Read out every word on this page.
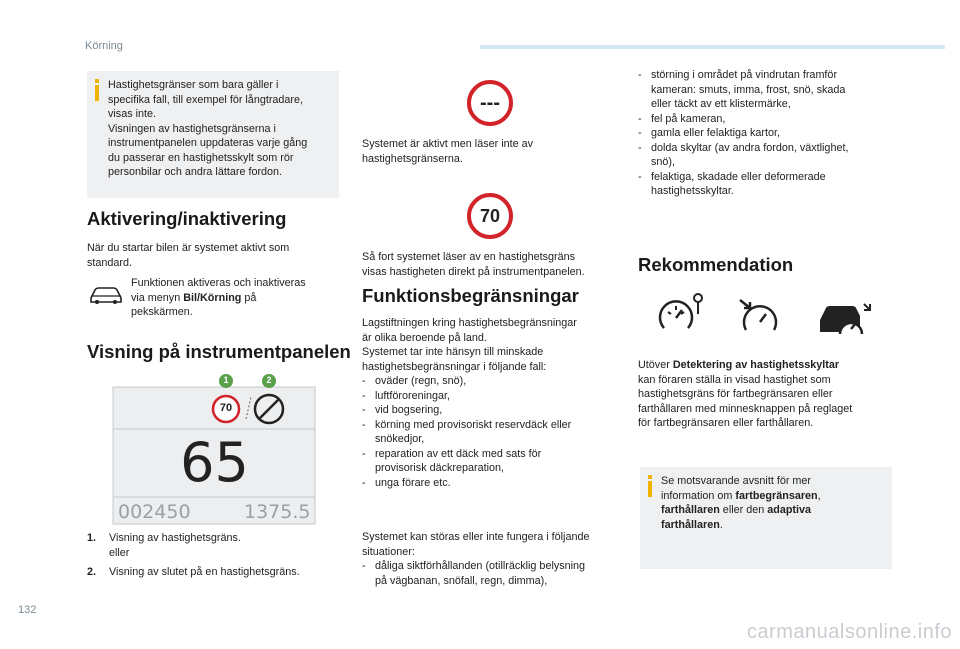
Körning
Hastighetsgränser som bara gäller i
specifika fall, till exempel för långtradare,
visas inte.
Visningen av hastighetsgränserna i
instrumentpanelen uppdateras varje gång
du passerar en hastighetsskylt som rör
personbilar och andra lättare fordon.
Aktivering/inaktivering
När du startar bilen är systemet aktivt som
standard.
Funktionen aktiveras och inaktiveras
via menyn Bil/Körning på
pekskärmen.
Visning på instrumentpanelen
1	2
70
65
002450	1375.5
1. Visning av hastighetsgräns.
eller
2. Visning av slutet på en hastighetsgräns.
---
Systemet är aktivt men läser inte av
hastighetsgränserna.
70
Så fort systemet läser av en hastighetsgräns
visas hastigheten direkt på instrumentpanelen.
Funktionsbegränsningar
Lagstiftningen kring hastighetsbegränsningar
är olika beroende på land.
Systemet tar inte hänsyn till minskade
hastighetsbegränsningar i följande fall:
- oväder (regn, snö),
- luftföroreningar,
- vid bogsering,
- körning med provisoriskt reservdäck eller
snökedjor,
- reparation av ett däck med sats för
provisorisk däckreparation,
- unga förare etc.
Systemet kan störas eller inte fungera i följande
situationer:
- dåliga siktförhållanden (otillräcklig belysning
på vägbanan, snöfall, regn, dimma),
- störning i området på vindrutan framför
kameran: smuts, imma, frost, snö, skada
eller täckt av ett klistermärke,
- fel på kameran,
- gamla eller felaktiga kartor,
- dolda skyltar (av andra fordon, växtlighet,
snö),
- felaktiga, skadade eller deformerade
hastighetsskyltar.
Rekommendation
Utöver Detektering av hastighetsskyltar
kan föraren ställa in visad hastighet som
hastighetsgräns för fartbegränsaren eller
farthållaren med minnesknappen på reglaget
för fartbegränsaren eller farthållaren.
Se motsvarande avsnitt för mer
information om fartbegränsaren,
farthållaren eller den adaptiva
farthållaren.
132
carmanualsonline.info
